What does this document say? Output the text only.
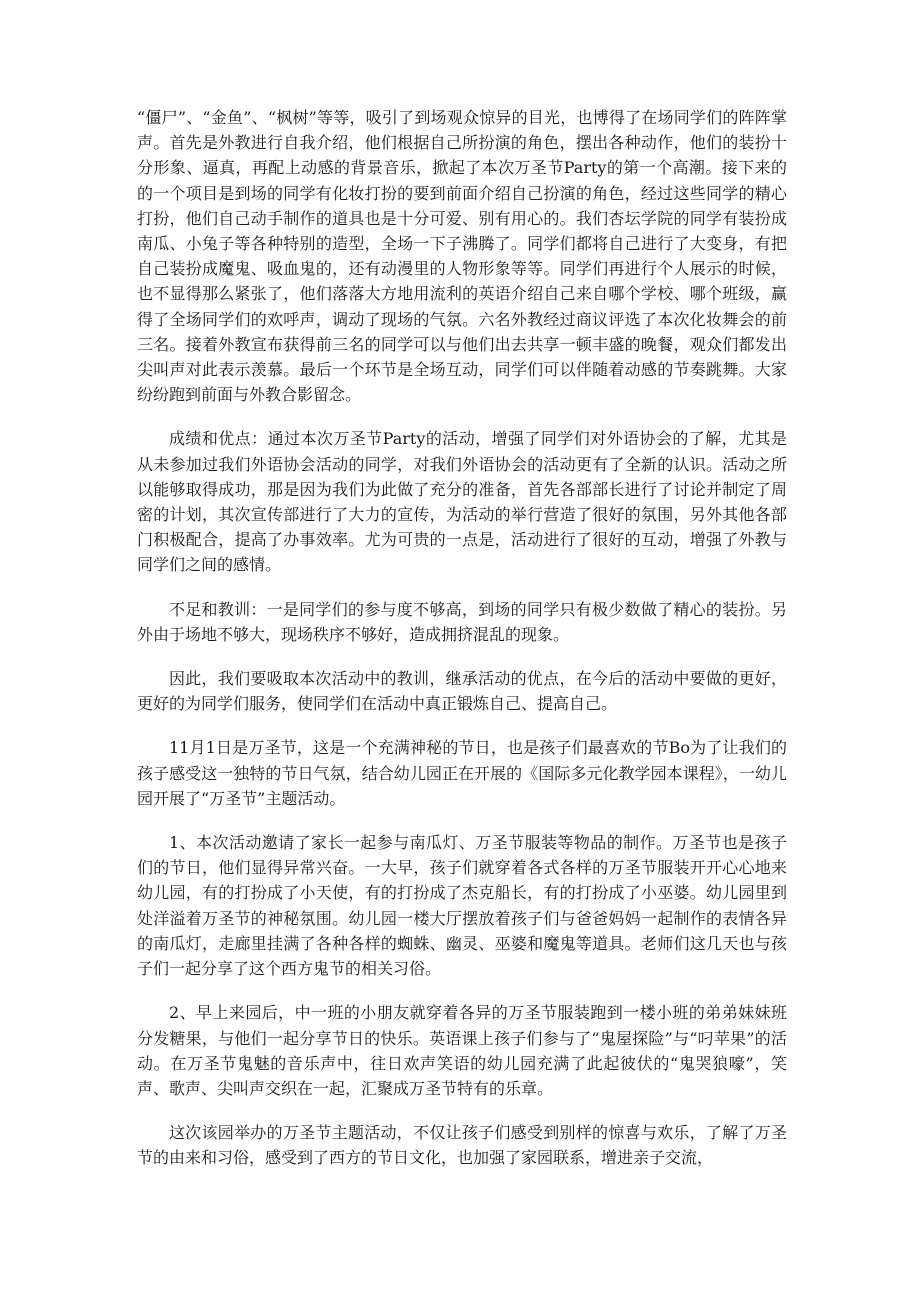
“僵尸”、“金鱼”、“枫树”等等，吸引了到场观众惊异的目光，也博得了在场同学们的阵阵掌声。首先是外教进行自我介绍，他们根据自己所扮演的角色，摆出各种动作，他们的装扮十分形象、逼真，再配上动感的背景音乐，掀起了本次万圣节Party的第一个高潮。接下来的的一个项目是到场的同学有化妆打扮的要到前面介绍自己扮演的角色，经过这些同学的精心打扮，他们自己动手制作的道具也是十分可爱、别有用心的。我们杏坛学院的同学有装扮成南瓜、小兔子等各种特别的造型，全场一下子沸腾了。同学们都将自己进行了大变身，有把自己装扮成魔鬼、吸血鬼的，还有动漫里的人物形象等等。同学们再进行个人展示的时候，也不显得那么紧张了，他们落落大方地用流利的英语介绍自己来自哪个学校、哪个班级，赢得了全场同学们的欢呼声，调动了现场的气氛。六名外教经过商议评选了本次化妆舞会的前三名。接着外教宣布获得前三名的同学可以与他们出去共享一顿丰盛的晚餐，观众们都发出尖叫声对此表示羡慕。最后一个环节是全场互动，同学们可以伴随着动感的节奏跳舞。大家纷纷跑到前面与外教合影留念。

成绩和优点：通过本次万圣节Party的活动，增强了同学们对外语协会的了解，尤其是从未参加过我们外语协会活动的同学，对我们外语协会的活动更有了全新的认识。活动之所以能够取得成功，那是因为我们为此做了充分的准备，首先各部部长进行了讨论并制定了周密的计划，其次宣传部进行了大力的宣传，为活动的举行营造了很好的氛围，另外其他各部门积极配合，提高了办事效率。尤为可贵的一点是，活动进行了很好的互动，增强了外教与同学们之间的感情。

不足和教训：一是同学们的参与度不够高，到场的同学只有极少数做了精心的装扮。另外由于场地不够大，现场秩序不够好，造成拥挤混乱的现象。

因此，我们要吸取本次活动中的教训，继承活动的优点，在今后的活动中要做的更好，更好的为同学们服务，使同学们在活动中真正锻炼自己、提高自己。

11月1日是万圣节，这是一个充满神秘的节日，也是孩子们最喜欢的节Bo为了让我们的孩子感受这一独特的节日气氛，结合幼儿园正在开展的《国际多元化教学园本课程》，一幼儿园开展了“万圣节”主题活动。

1、本次活动邀请了家长一起参与南瓜灯、万圣节服装等物品的制作。万圣节也是孩子们的节日，他们显得异常兴奋。一大早，孩子们就穿着各式各样的万圣节服装开开心心地来幼儿园，有的打扮成了小天使，有的打扮成了杰克船长，有的打扮成了小巫婆。幼儿园里到处洋溢着万圣节的神秘氛围。幼儿园一楼大厅摆放着孩子们与爸爸妈妈一起制作的表情各异的南瓜灯，走廊里挂满了各种各样的蜘蛛、幽灵、巫婆和魔鬼等道具。老师们这几天也与孩子们一起分享了这个西方鬼节的相关习俗。

2、早上来园后，中一班的小朋友就穿着各异的万圣节服装跑到一楼小班的弟弟妹妹班分发糖果，与他们一起分享节日的快乐。英语课上孩子们参与了“鬼屋探险”与“叼苹果”的活动。在万圣节鬼魅的音乐声中，往日欢声笑语的幼儿园充满了此起彼伏的“鬼哭狼嚎”，笑声、歌声、尖叫声交织在一起，汇聚成万圣节特有的乐章。

这次该园举办的万圣节主题活动，不仅让孩子们感受到别样的惊喜与欢乐，了解了万圣节的由来和习俗，感受到了西方的节日文化，也加强了家园联系，增进亲子交流，
